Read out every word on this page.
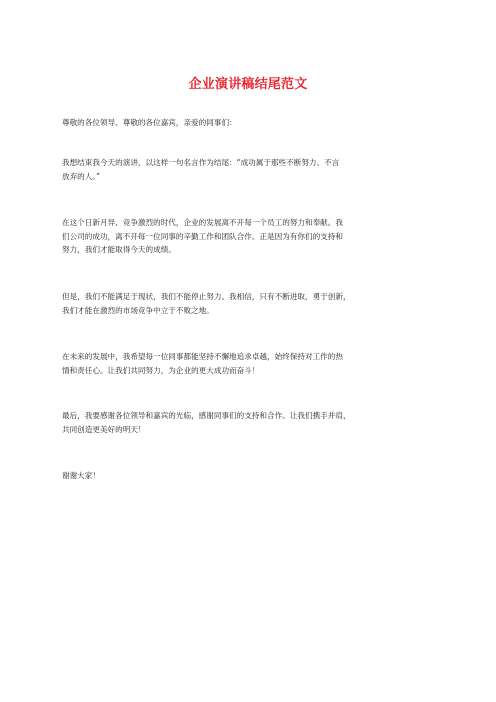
企业演讲稿结尾范文

尊敬的各位领导、尊敬的各位嘉宾，亲爱的同事们：

我想结束我今天的演讲，以这样一句名言作为结尾：“成功属于那些不断努力、不言
放弃的人。”

在这个日新月异、竞争激烈的时代，企业的发展离不开每一个员工的努力和奉献。我
们公司的成功，离不开每一位同事的辛勤工作和团队合作。正是因为有你们的支持和
努力，我们才能取得今天的成绩。

但是，我们不能满足于现状，我们不能停止努力。我相信，只有不断进取、勇于创新，
我们才能在激烈的市场竞争中立于不败之地。

在未来的发展中，我希望每一位同事都能坚持不懈地追求卓越，始终保持对工作的热
情和责任心。让我们共同努力，为企业的更大成功而奋斗！

最后，我要感谢各位领导和嘉宾的光临，感谢同事们的支持和合作。让我们携手并肩，
共同创造更美好的明天！

谢谢大家！
